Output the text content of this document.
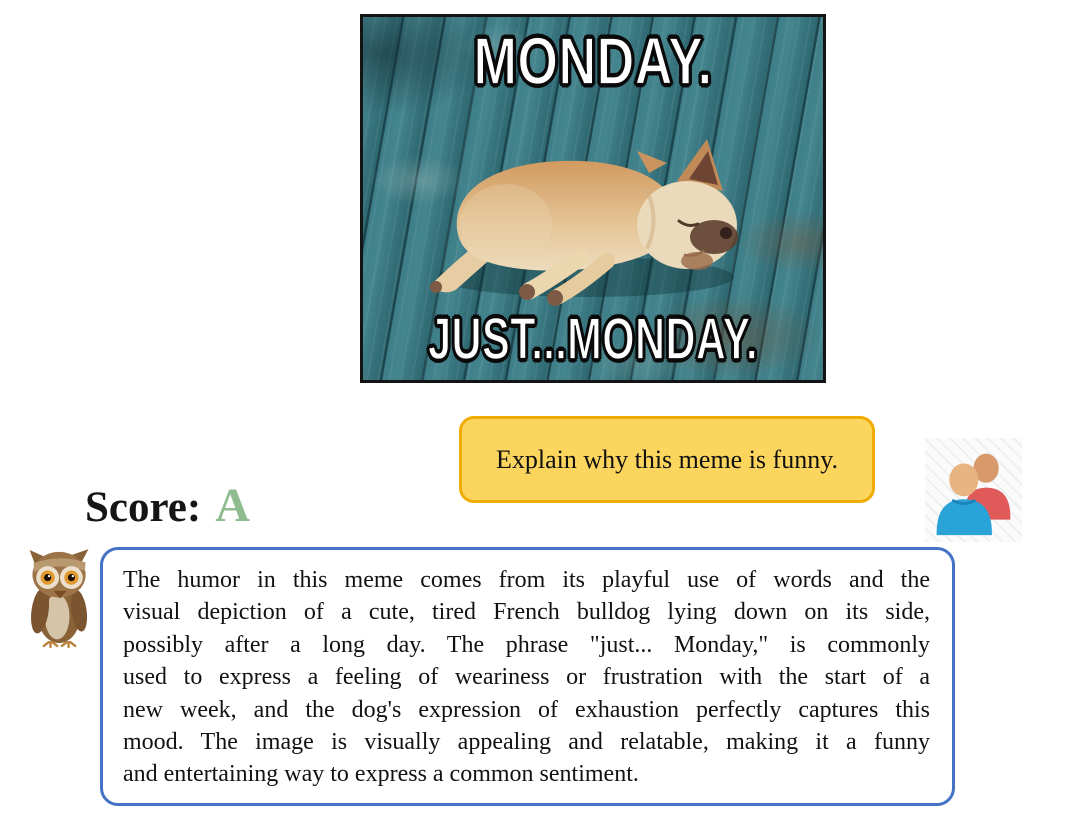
MONDAY.
JUST...MONDAY.
Explain why this meme is funny.
Score: A
The humor in this meme comes from its playful use of words and the
visual depiction of a cute, tired French bulldog lying down on its side,
possibly after a long day. The phrase "just... Monday," is commonly
used to express a feeling of weariness or frustration with the start of a
new week, and the dog's expression of exhaustion perfectly captures this
mood. The image is visually appealing and relatable, making it a funny
and entertaining way to express a common sentiment.
